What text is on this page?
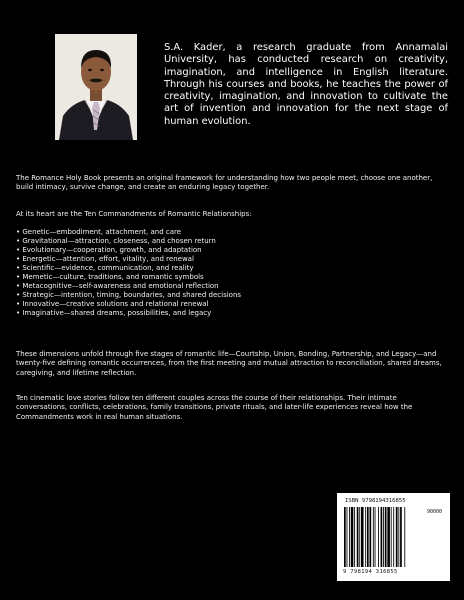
S.A. Kader, a research graduate from Annamalai University, has conducted research on creativity, imagination, and intelligence in English literature. Through his courses and books, he teaches the power of creativity, imagination, and innovation to cultivate the art of invention and innovation for the next stage of human evolution.

The Romance Holy Book presents an original framework for understanding how two people meet, choose one another, build intimacy, survive change, and create an enduring legacy together.

At its heart are the Ten Commandments of Romantic Relationships:

• Genetic—embodiment, attachment, and care
• Gravitational—attraction, closeness, and chosen return
• Evolutionary—cooperation, growth, and adaptation
• Energetic—attention, effort, vitality, and renewal
• Scientific—evidence, communication, and reality
• Memetic—culture, traditions, and romantic symbols
• Metacognitive—self-awareness and emotional reflection
• Strategic—intention, timing, boundaries, and shared decisions
• Innovative—creative solutions and relational renewal
• Imaginative—shared dreams, possibilities, and legacy

These dimensions unfold through five stages of romantic life—Courtship, Union, Bonding, Partnership, and Legacy—and twenty-five defining romantic occurrences, from the first meeting and mutual attraction to reconciliation, shared dreams, caregiving, and lifetime reflection.

Ten cinematic love stories follow ten different couples across the course of their relationships. Their intimate conversations, conflicts, celebrations, family transitions, private rituals, and later-life experiences reveal how the Commandments work in real human situations.

ISBN 9798194316855
90000
9 798194 316855
